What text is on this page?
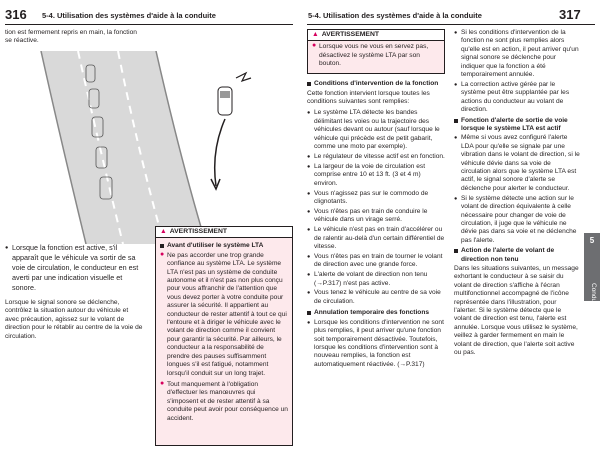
316 5-4. Utilisation des systèmes d'aide à la conduite	5-4. Utilisation des systèmes d'aide à la conduite	317
5
Conduite

tion est fermement repris en main, la fonction se réactive.

● Lorsque la fonction est active, s'il apparaît que le véhicule va sortir de sa voie de circulation, le conducteur en est averti par une indication visuelle et sonore.

Lorsque le signal sonore se déclenche, contrôlez la situation autour du véhicule et avec précaution, agissez sur le volant de direction pour le rétablir au centre de la voie de circulation.

▲ AVERTISSEMENT
Avant d'utiliser le système LTA
● Ne pas accorder une trop grande confiance au système LTA. Le système LTA n'est pas un système de conduite autonome et il n'est pas non plus conçu pour vous affranchir de l'attention que vous devez porter à votre conduite pour assurer la sécurité. Il appartient au conducteur de rester attentif à tout ce qui l'entoure et à diriger le véhicule avec le volant de direction comme il convient pour garantir la sécurité. Par ailleurs, le conducteur a la responsabilité de prendre des pauses suffisamment longues s'il est fatigué, notamment lorsqu'il conduit sur un long trajet.
● Tout manquement à l'obligation d'effectuer les manœuvres qui s'imposent et de rester attentif à sa conduite peut avoir pour conséquence un accident.
▲ AVERTISSEMENT
● Lorsque vous ne vous en servez pas, désactivez le système LTA par son bouton.
Conditions d'intervention de la fonction

Cette fonction intervient lorsque toutes les conditions suivantes sont remplies:

● Le système LTA détecte les bandes délimitant les voies ou la trajectoire des véhicules devant ou autour (sauf lorsque le véhicule qui précède est de petit gabarit, comme une moto par exemple).
● Le régulateur de vitesse actif est en fonction.
● La largeur de la voie de circulation est comprise entre 10 et 13 ft. (3 et 4 m) environ.
● Vous n'agissez pas sur le commodo de clignotants.
● Vous n'êtes pas en train de conduire le véhicule dans un virage serré.
● Le véhicule n'est pas en train d'accélérer ou de ralentir au-delà d'un certain différentiel de vitesse.
● Vous n'êtes pas en train de tourner le volant de direction avec une grande force.
● L'alerte de volant de direction non tenu (→P.317) n'est pas active.
● Vous tenez le véhicule au centre de sa voie de circulation.
Annulation temporaire des fonctions
● Lorsque les conditions d'intervention ne sont plus remplies, il peut arriver qu'une fonction soit temporairement désactivée. Toutefois, lorsque les conditions d'intervention sont à nouveau remplies, la fonction est automatiquement réactivée. (→P.317)
● Si les conditions d'intervention de la fonction ne sont plus remplies alors qu'elle est en action, il peut arriver qu'un signal sonore se déclenche pour indiquer que la fonction a été temporairement annulée.
● La correction active gérée par le système peut être supplantée par les actions du conducteur au volant de direction.
Fonction d'alerte de sortie de voie lorsque le système LTA est actif
● Même si vous avez configuré l'alerte LDA pour qu'elle se signale par une vibration dans le volant de direction, si le véhicule dévie dans sa voie de circulation alors que le système LTA est actif, le signal sonore d'alerte se déclenche pour alerter le conducteur.
● Si le système détecte une action sur le volant de direction équivalente à celle nécessaire pour changer de voie de circulation, il juge que le véhicule ne dévie pas dans sa voie et ne déclenche pas l'alerte.
Action de l'alerte de volant de direction non tenu

Dans les situations suivantes, un message exhortant le conducteur à se saisir du volant de direction s'affiche à l'écran multifonctionnel accompagné de l'icône représentée dans l'illustration, pour l'alerter. Si le système détecte que le volant de direction est tenu, l'alerte est annulée. Lorsque vous utilisez le système, veillez à garder fermement en main le volant de direction, que l'alerte soit active ou pas.
